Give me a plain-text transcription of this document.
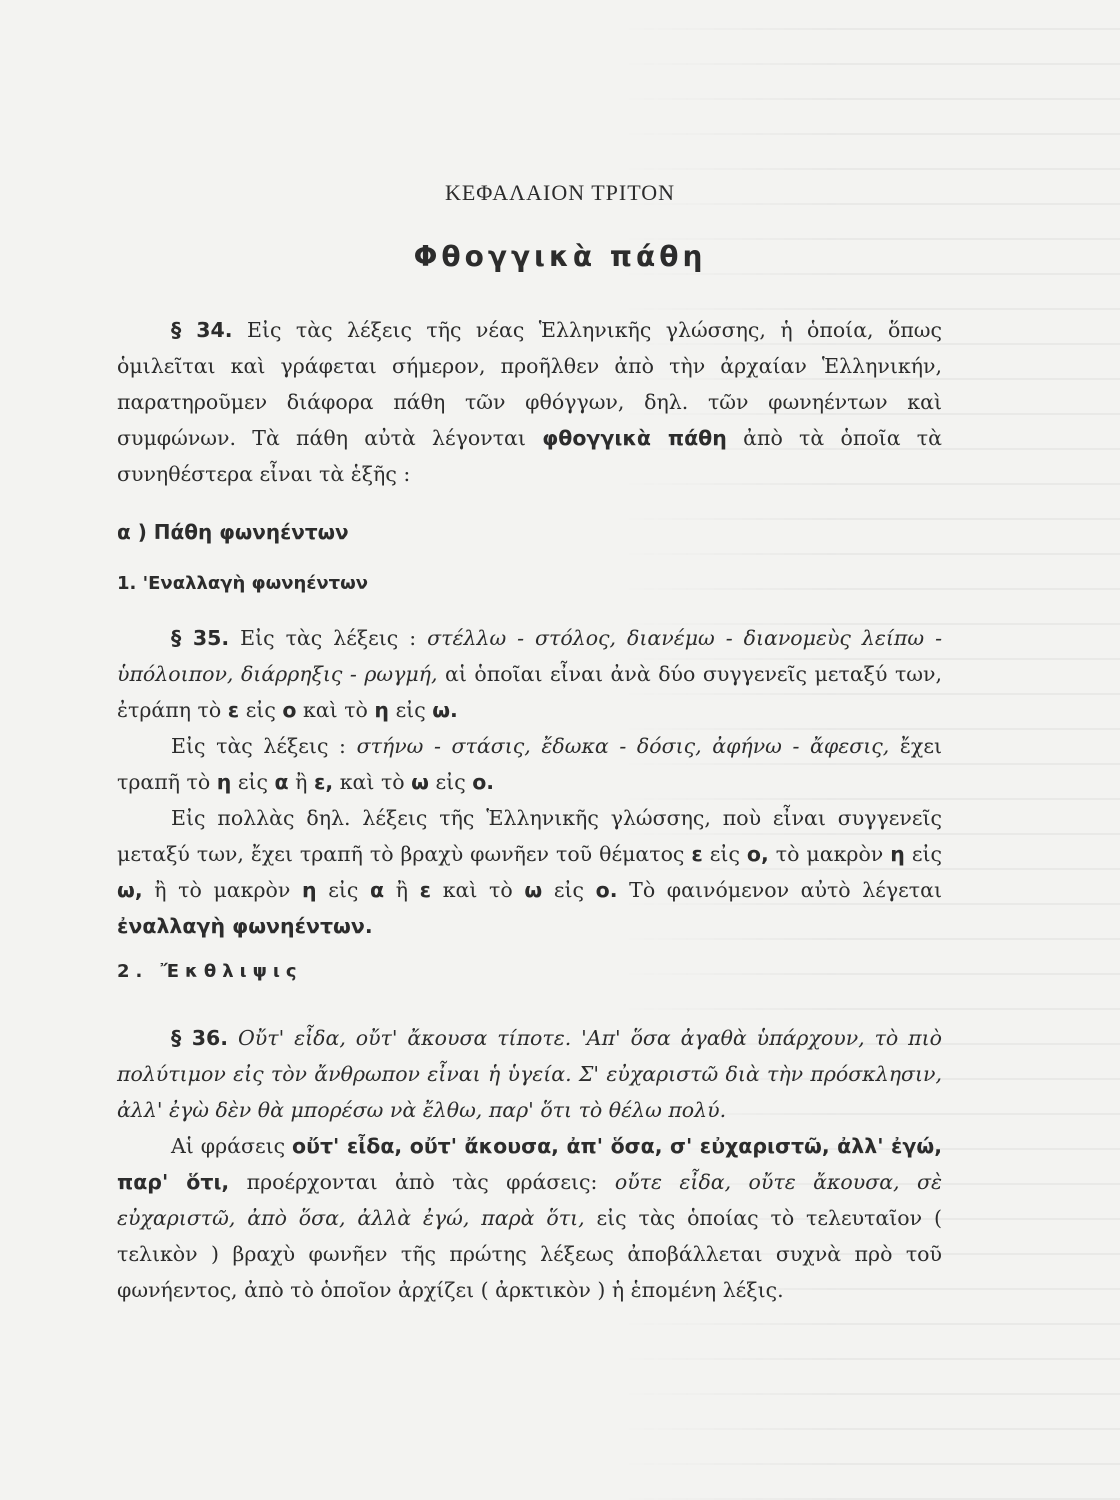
ΚΕΦΑΛΑΙΟΝ ΤΡΙΤΟΝ
Φθογγικὰ πάθη

§ 34. Εἰς τὰς λέξεις τῆς νέας Ἑλληνικῆς γλώσσης, ἡ ὁποία, ὅπως ὁμιλεῖται καὶ γράφεται σήμερον, προῆλθεν ἀπὸ τὴν ἀρχαίαν Ἑλληνικήν, παρατηροῦμεν διάφορα πάθη τῶν φθόγγων, δηλ. τῶν φωνηέντων καὶ συμφώνων. Τὰ πάθη αὐτὰ λέγονται φθογγικὰ πάθη ἀπὸ τὰ ὁποῖα τὰ συνηθέστερα εἶναι τὰ ἑξῆς :

α ) Πάθη φωνηέντων

1. 'Εναλλαγὴ φωνηέντων

§ 35. Εἰς τὰς λέξεις : στέλλω - στόλος, διανέμω - διανομεὺς λείπω - ὑπόλοιπον, διάρρηξις - ρωγμή, αἱ ὁποῖαι εἶναι ἀνὰ δύο συγγενεῖς μεταξύ των, ἐτράπη τὸ ε εἰς ο καὶ τὸ η εἰς ω.

Εἰς τὰς λέξεις : στήνω - στάσις, ἔδωκα - δόσις, ἀφήνω - ἄφεσις, ἔχει τραπῆ τὸ η εἰς α ἢ ε, καὶ τὸ ω εἰς ο.

Εἰς πολλὰς δηλ. λέξεις τῆς Ἑλληνικῆς γλώσσης, ποὺ εἶναι συγγενεῖς μεταξύ των, ἔχει τραπῆ τὸ βραχὺ φωνῆεν τοῦ θέματος ε εἰς ο, τὸ μακρὸν η εἰς ω, ἢ τὸ μακρὸν η εἰς α ἢ ε καὶ τὸ ω εἰς ο. Τὸ φαινόμενον αὐτὸ λέγεται ἐναλλαγὴ φωνηέντων.

2. Ἔκθλιψις

§ 36. Οὔτ' εἶδα, οὔτ' ἄκουσα τίποτε. 'Απ' ὅσα ἀγαθὰ ὑπάρχουν, τὸ πιὸ πολύτιμον εἰς τὸν ἄνθρωπον εἶναι ἡ ὑγεία. Σ' εὐχαριστῶ διὰ τὴν πρόσκλησιν, ἀλλ' ἐγὼ δὲν θὰ μπορέσω νὰ ἔλθω, παρ' ὅτι τὸ θέλω πολύ.

Αἱ φράσεις οὔτ' εἶδα, οὔτ' ἄκουσα, ἀπ' ὅσα, σ' εὐχαριστῶ, ἀλλ' ἐγώ, παρ' ὅτι, προέρχονται ἀπὸ τὰς φράσεις: οὔτε εἶδα, οὔτε ἄκουσα, σὲ εὐχαριστῶ, ἀπὸ ὅσα, ἀλλὰ ἐγώ, παρὰ ὅτι, εἰς τὰς ὁποίας τὸ τελευταῖον ( τελικὸν ) βραχὺ φωνῆεν τῆς πρώτης λέξεως ἀποβάλλεται συχνὰ πρὸ τοῦ φωνήεντος, ἀπὸ τὸ ὁποῖον ἀρχίζει ( ἀρκτικὸν ) ἡ ἑπομένη λέξις.
